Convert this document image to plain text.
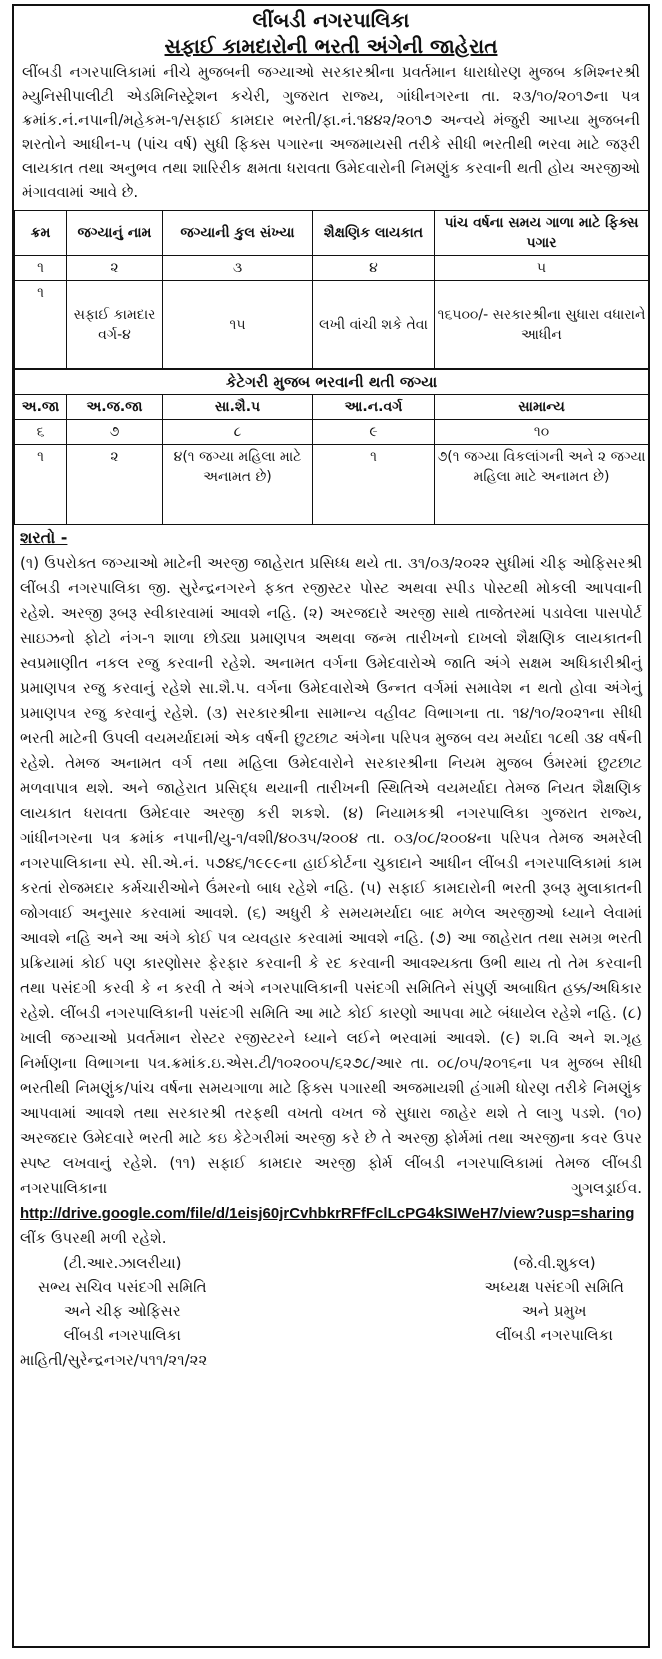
લીંબડી નગરપાલિકા
સફાઈ કામદારોની ભરતી અંગેની જાહેરાત
લીંબડી નગરપાલિકામાં નીચે મુજબની જગ્યાઓ સરકારશ્રીના પ્રવર્તમાન ધારાધોરણ મુજબ કમિશ્નરશ્રી મ્યુનિસીપાલીટી એડમિનિસ્ટ્રેશન કચેરી, ગુજરાત રાજ્ય, ગાંધીનગરના તા. ૨૩/૧૦/૨૦૧૭ના પત્ર ક્રમાંક.નં.નપાની/મહેકમ-૧/સફાઈ કામદાર ભરતી/ફા.નં.૧૪૪૨/૨૦૧૭ અન્વયે મંજુરી આપ્યા મુજબની શરતોને આધીન-૫ (પાંચ વર્ષ) સુધી ફિક્સ પગારના અજમાયસી તરીકે સીધી ભરતીથી ભરવા માટે જરૂરી લાયકાત તથા અનુભવ તથા શારિરીક ક્ષમતા ધરાવતા ઉમેદવારોની નિમણુંક કરવાની થતી હોય અરજીઓ મંગાવવામાં આવે છે.
ક્રમ	જગ્યાનું નામ	જગ્યાની કુલ સંખ્યા	શૈક્ષણિક લાયકાત	પાંચ વર્ષના સમય ગાળા માટે ફિક્સ પગાર
૧	૨	૩	૪	૫
૧	સફાઈ કામદાર વર્ગ-૪	૧૫	લખી વાંચી શકે તેવા	૧૬૫૦૦/- સરકારશ્રીના સુધારા વધારાને આધીન
કેટેગરી મુજબ ભરવાની થતી જગ્યા				
અ.જા	અ.જ.જા	સા.શૈ.પ	આ.ન.વર્ગ	સામાન્ય
૬	૭	૮	૯	૧૦
૧	૨	૪(૧ જગ્યા મહિલા માટે અનામત છે)	૧	૭(૧ જગ્યા વિકલાંગની અને ૨ જગ્યા મહિલા માટે અનામત છે)
શરતો -
(૧) ઉપરોક્ત જગ્યાઓ માટેની અરજી જાહેરાત પ્રસિધ્ધ થયે તા. ૩૧/૦૩/૨૦૨૨ સુધીમાં ચીફ ઓફિસરશ્રી લીંબડી નગરપાલિકા જી. સુરેન્દ્રનગરને ફક્ત રજીસ્ટર પોસ્ટ અથવા સ્પીડ પોસ્ટથી મોકલી આપવાની રહેશે. અરજી રૂબરૂ સ્વીકારવામાં આવશે નહિ. (૨) અરજદારે અરજી સાથે તાજેતરમાં પડાવેલા પાસપોર્ટ સાઇઝનો ફોટો નંગ-૧ શાળા છોડ્યા પ્રમાણપત્ર અથવા જન્મ તારીખનો દાખલો શૈક્ષણિક લાયકાતની સ્વપ્રમાણીત નકલ રજુ કરવાની રહેશે. અનામત વર્ગના ઉમેદવારોએ જાતિ અંગે સક્ષમ અધિકારીશ્રીનું પ્રમાણપત્ર રજુ કરવાનું રહેશે સા.શૈ.પ. વર્ગના ઉમેદવારોએ ઉન્નત વર્ગમાં સમાવેશ ન થતો હોવા અંગેનું પ્રમાણપત્ર રજુ કરવાનું રહેશે. (૩) સરકારશ્રીના સામાન્ય વહીવટ વિભાગના તા. ૧૪/૧૦/૨૦૨૧ના સીધી ભરતી માટેની ઉપલી વયમર્યાદામાં એક વર્ષની છુટછાટ અંગેના પરિપત્ર મુજબ વય મર્યાદા ૧૮થી ૩૪ વર્ષની રહેશે. તેમજ અનામત વર્ગ તથા મહિલા ઉમેદવારોને સરકારશ્રીના નિયમ મુજબ ઉંમરમાં છુટછાટ મળવાપાત્ર થશે. અને જાહેરાત પ્રસિદ્ધ થયાની તારીખની સ્થિતિએ વયમર્યાદા તેમજ નિયત શૈક્ષણિક લાયકાત ધરાવતા ઉમેદવાર અરજી કરી શકશે. (૪) નિયામકશ્રી નગરપાલિકા ગુજરાત રાજ્ય, ગાંધીનગરના પત્ર ક્રમાંક નપાની/યુ-૧/વશી/૪૦૩૫/૨૦૦૪ તા. ૦૩/૦૮/૨૦૦૪ના પરિપત્ર તેમજ અમરેલી નગરપાલિકાના સ્પે. સી.એ.નં. ૫૭૪૬/૧૯૯૯ના હાઈકોર્ટના ચુકાદાને આધીન લીંબડી નગરપાલિકામાં કામ કરતાં રોજમદાર કર્મચારીઓને ઉંમરનો બાધ રહેશે નહિ. (૫) સફાઈ કામદારોની ભરતી રૂબરૂ મુલાકાતની જોગવાઈ અનુસાર કરવામાં આવશે. (૬) અધુરી કે સમયમર્યાદા બાદ મળેલ અરજીઓ ધ્યાને લેવામાં આવશે નહિ અને આ અંગે કોઈ પત્ર વ્યવહાર કરવામાં આવશે નહિ. (૭) આ જાહેરાત તથા સમગ્ર ભરતી પ્રક્રિયામાં કોઈ પણ કારણોસર ફેરફાર કરવાની કે રદ કરવાની આવશ્યક્તા ઉભી થાય તો તેમ કરવાની તથા પસંદગી કરવી કે ન કરવી તે અંગે નગરપાલિકાની પસંદગી સમિતિને સંપુર્ણ અબાધિત હક્ક/અધિકાર રહેશે. લીંબડી નગરપાલિકાની પસંદગી સમિતિ આ માટે કોઈ કારણો આપવા માટે બંધાયેલ રહેશે નહિ. (૮) ખાલી જગ્યાઓ પ્રવર્તમાન રોસ્ટર રજીસ્ટરને ધ્યાને લઈને ભરવામાં આવશે. (૯) શ.વિ અને શ.ગૃહ નિર્માણના વિભાગના પત્ર.ક્રમાંક.ઇ.એસ.ટી/૧૦૨૦૦૫/૬૨૭૮/આર તા. ૦૮/૦૫/૨૦૧૬ના પત્ર મુજબ સીધી ભરતીથી નિમણુંક/પાંચ વર્ષના સમયગાળા માટે ફિક્સ પગારથી અજમાયશી હંગામી ધોરણ તરીકે નિમણુંક આપવામાં આવશે તથા સરકારશ્રી તરફથી વખતો વખત જે સુધારા જાહેર થશે તે લાગુ પડશે. (૧૦) અરજદાર ઉમેદવારે ભરતી માટે કઇ કેટેગરીમાં અરજી કરે છે તે અરજી ફોર્મમાં તથા અરજીના કવર ઉપર સ્પષ્ટ લખવાનું રહેશે. (૧૧) સફાઈ કામદાર અરજી ફોર્મ લીંબડી નગરપાલિકામાં તેમજ લીંબડી નગરપાલિકાના ગુગલડ્રાઈવ. http://drive.google.com/file/d/1eisj60jrCvhbkrRFfFclLcPG4kSIWeH7/view?usp=sharing લીંક ઉપરથી મળી રહેશે.
(ટી.આર.ઝાલરીયા)
સભ્ય સચિવ પસંદગી સમિતિ
અને ચીફ ઓફિસર
લીંબડી નગરપાલિકા
(જે.વી.શુકલ)
અધ્યક્ષ પસંદગી સમિતિ
અને પ્રમુખ
લીંબડી નગરપાલિકા
માહિતી/સુરેન્દ્રનગર/૫૧૧/૨૧/૨૨
